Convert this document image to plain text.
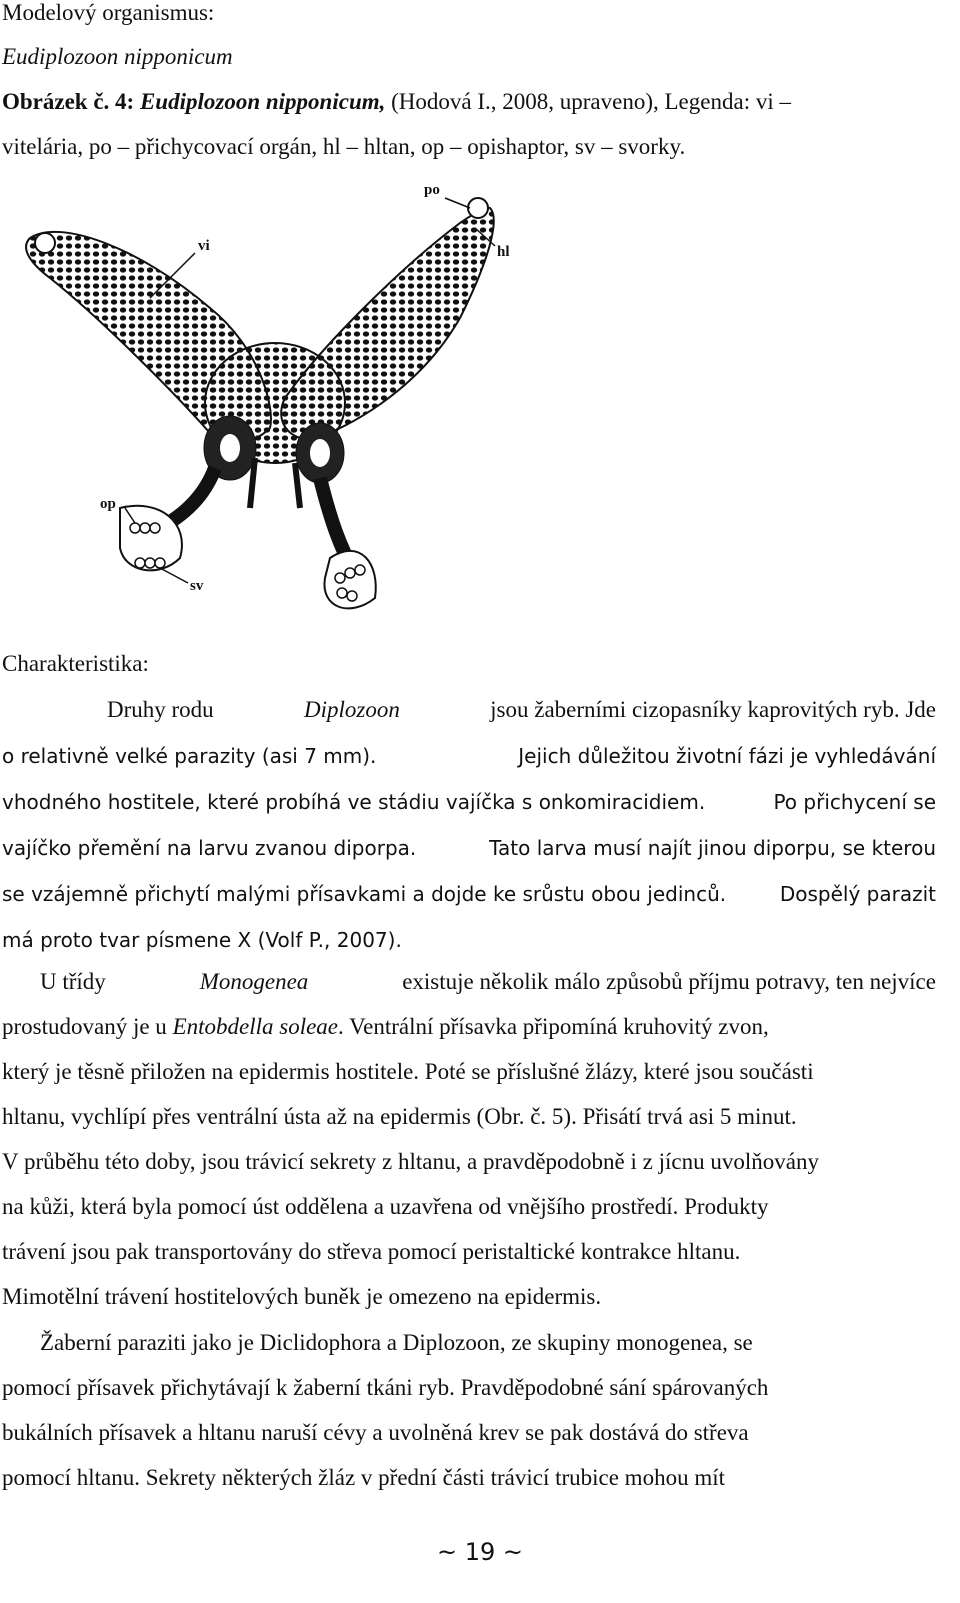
Modelový organismus:
Eudiplozoon nipponicum
Obrázek č. 4: Eudiplozoon nipponicum, (Hodová I., 2008, upraveno), Legenda: vi –
vitelária, po – přichycovací orgán, hl – hltan, op – opishaptor, sv – svorky.
po
vi	hl
op
sv
Charakteristika:
Druhy rodu	Diplozoon	jsou žaberními cizopasníky kaprovitých ryb. Jde
o relativně velké parazity (asi 7 mm).	Jejich důležitou životní fázi je vyhledávání
vhodného hostitele, které probíhá ve stádiu vajíčka s onkomiracidiem.	Po přichycení se
vajíčko přemění na larvu zvanou diporpa.	Tato larva musí najít jinou diporpu, se kterou
se vzájemně přichytí malými přísavkami a dojde ke srůstu obou jedinců.	Dospělý parazit
má proto tvar písmene X (Volf P., 2007).
U třídy	Monogenea	existuje několik málo způsobů příjmu potravy, ten nejvíce
prostudovaný je u Entobdella soleae. Ventrální přísavka připomíná kruhovitý zvon,
který je těsně přiložen na epidermis hostitele. Poté se příslušné žlázy, které jsou součásti
hltanu, vychlípí přes ventrální ústa až na epidermis (Obr. č. 5). Přisátí trvá asi 5 minut.
V průběhu této doby, jsou trávicí sekrety z hltanu, a pravděpodobně i z jícnu uvolňovány
na kůži, která byla pomocí úst oddělena a uzavřena od vnějšího prostředí. Produkty
trávení jsou pak transportovány do střeva pomocí peristaltické kontrakce hltanu.
Mimotělní trávení hostitelových buněk je omezeno na epidermis.
Žaberní paraziti jako je Diclidophora a Diplozoon, ze skupiny monogenea, se
pomocí přísavek přichytávají k žaberní tkáni ryb. Pravděpodobné sání spárovaných
bukálních přísavek a hltanu naruší cévy a uvolněná krev se pak dostává do střeva
pomocí hltanu. Sekrety některých žláz v přední části trávicí trubice mohou mít
~ 19 ~
